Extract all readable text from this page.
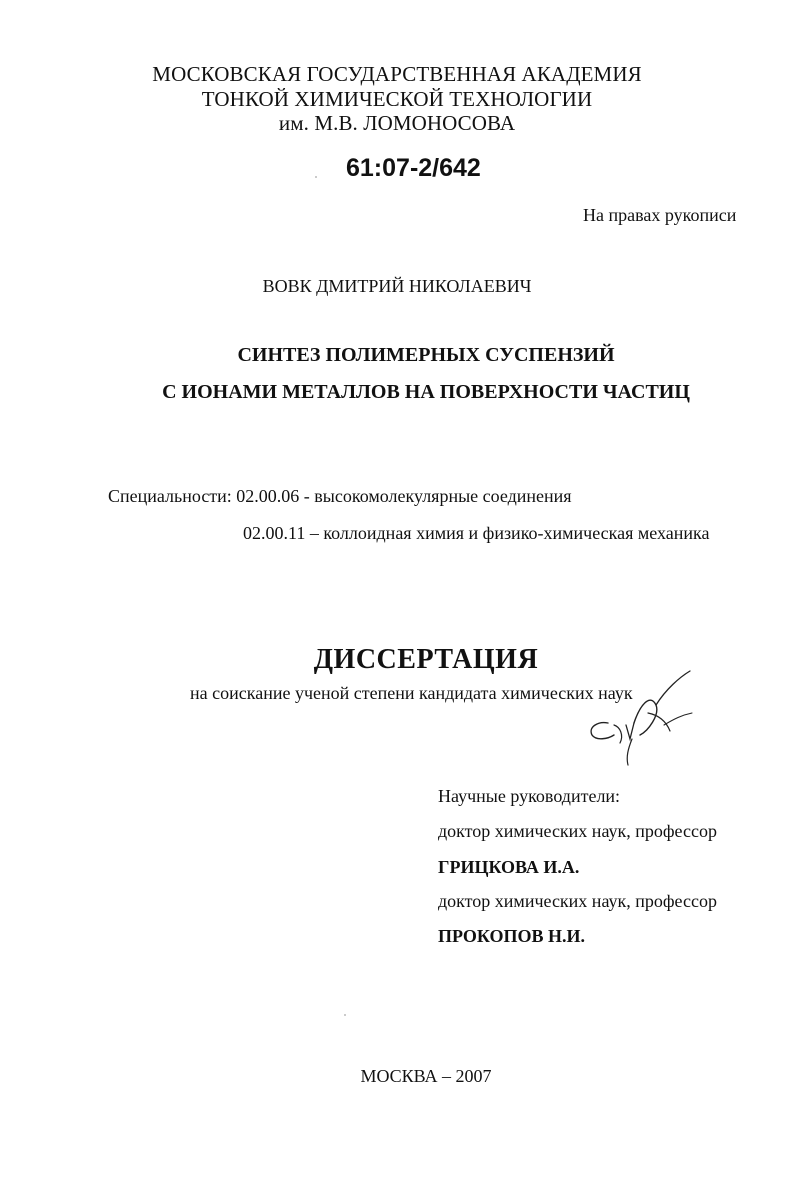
МОСКОВСКАЯ ГОСУДАРСТВЕННАЯ АКАДЕМИЯ
ТОНКОЙ ХИМИЧЕСКОЙ ТЕХНОЛОГИИ
им. М.В. ЛОМОНОСОВА
61:07-2/642
На правах рукописи
ВОВК ДМИТРИЙ НИКОЛАЕВИЧ
СИНТЕЗ ПОЛИМЕРНЫХ СУСПЕНЗИЙ
С ИОНАМИ МЕТАЛЛОВ НА ПОВЕРХНОСТИ ЧАСТИЦ
Специальности: 02.00.06 - высокомолекулярные соединения
02.00.11 – коллоидная химия и физико-химическая механика
ДИССЕРТАЦИЯ
на соискание ученой степени кандидата химических наук
Научные руководители:
доктор химических наук, профессор
ГРИЦКОВА И.А.
доктор химических наук, профессор
ПРОКОПОВ Н.И.
МОСКВА – 2007
